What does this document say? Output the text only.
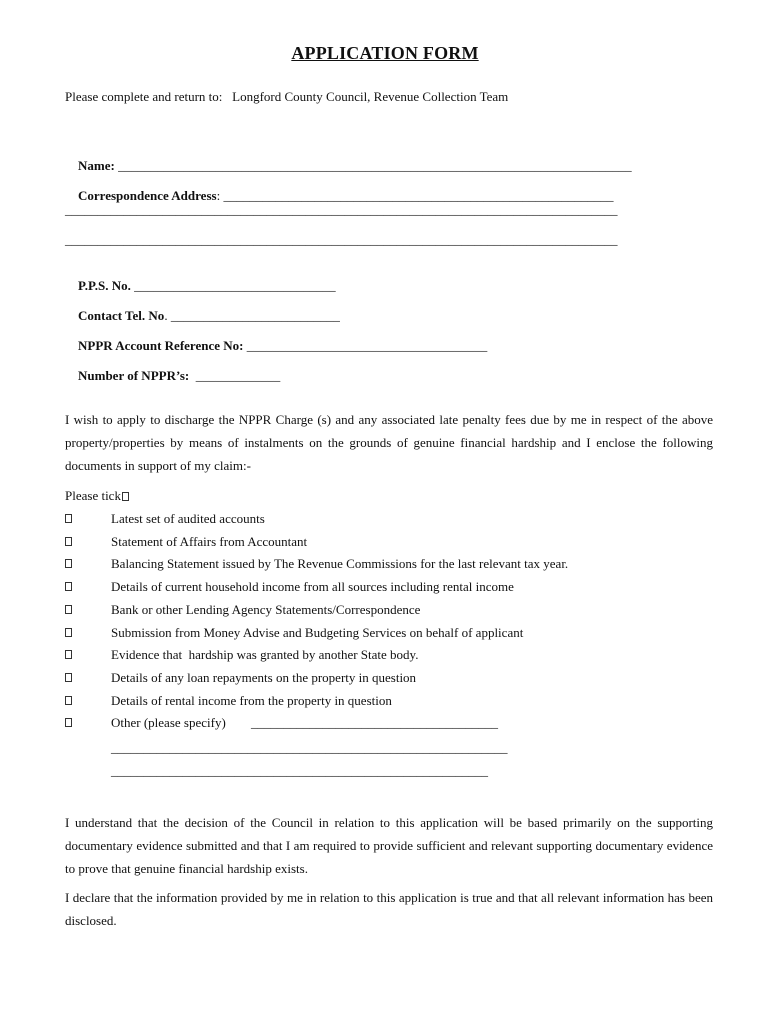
APPLICATION FORM
Please complete and return to:   Longford County Council, Revenue Collection Team

Name: _______________________________________________________________________________

Correspondence Address: ____________________________________________________________

_____________________________________________________________________________________
_____________________________________________________________________________________

P.P.S. No. _______________________________

Contact Tel. No. __________________________

NPPR Account Reference No: _____________________________________

Number of NPPR’s: _____________

I wish to apply to discharge the NPPR Charge (s) and any associated late penalty fees due by me in respect of the above property/properties by means of instalments on the grounds of genuine financial hardship and I enclose the following documents in support of my claim:-
Please tick
Latest set of audited accounts
Statement of Affairs from Accountant
Balancing Statement issued by The Revenue Commissions for the last relevant tax year.
Details of current household income from all sources including rental income
Bank or other Lending Agency Statements/Correspondence
Submission from Money Advise and Budgeting Services on behalf of applicant
Evidence that  hardship was granted by another State body.
Details of any loan repayments on the property in question
Details of rental income from the property in question
Other (please specify) ______________________________________
_____________________________________________________________
__________________________________________________________
I understand that the decision of the Council in relation to this application will be based primarily on the supporting documentary evidence submitted and that I am required to provide sufficient and relevant supporting documentary evidence to prove that genuine financial hardship exists.
I declare that the information provided by me in relation to this application is true and that all relevant information has been disclosed.
